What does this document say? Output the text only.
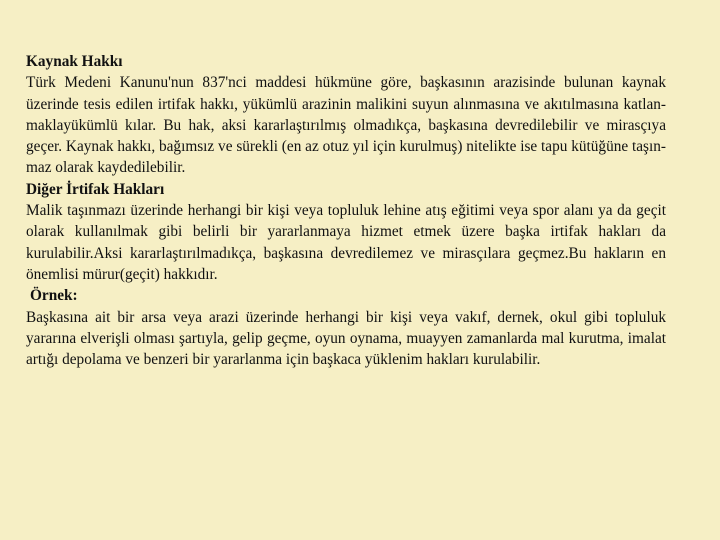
Kaynak Hakkı

Türk Medeni Kanunu'nun 837'nci maddesi hükmüne göre, başkasının arazisinde bulunan kaynak üzerinde tesis edilen irtifak hakkı, yükümlü arazinin malikini suyun alınmasına ve akıtılmasına katlan-maklayükümlü kılar. Bu hak, aksi kararlaştırılmış olmadıkça, başkasına devredilebilir ve mirasçıya geçer. Kaynak hakkı, bağımsız ve sürekli (en az otuz yıl için kurulmuş) nitelikte ise tapu kütüğüne taşın-maz olarak kaydedilebilir.

Diğer İrtifak Hakları

Malik taşınmazı üzerinde herhangi bir kişi veya topluluk lehine atış eğitimi veya spor alanı ya da geçit olarak kullanılmak gibi belirli bir yararlanmaya hizmet etmek üzere başka irtifak hakları da kurulabilir.Aksi kararlaştırılmadıkça, başkasına devredilemez ve mirasçılara geçmez.Bu hakların en önemlisi mürur(geçit) hakkıdır.

Örnek:

Başkasına ait bir arsa veya arazi üzerinde herhangi bir kişi veya vakıf, dernek, okul gibi topluluk yararına elverişli olması şartıyla, gelip geçme, oyun oynama, muayyen zamanlarda mal kurutma, imalat artığı depolama ve benzeri bir yararlanma için başkaca yüklenim hakları kurulabilir.
